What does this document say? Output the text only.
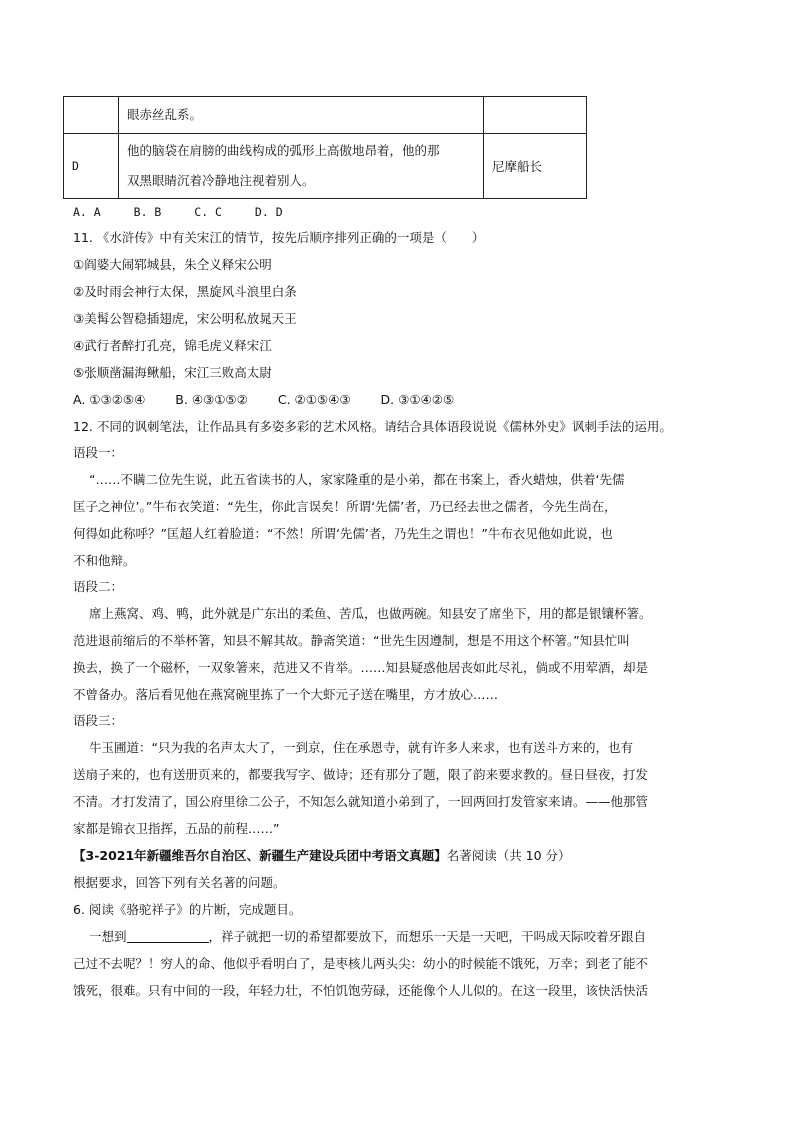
	眼赤丝乱系。	
D	他的脑袋在肩膀的曲线构成的弧形上高傲地昂着，他的那
双黑眼睛沉着冷静地注视着别人。	尼摩船长
A. A	B. B	C. C	D. D
11. 《水浒传》中有关宋江的情节，按先后顺序排列正确的一项是（　　）
①阎婆大闹郓城县，朱仝义释宋公明
②及时雨会神行太保，黑旋风斗浪里白条
③美髯公智稳插翅虎，宋公明私放晁天王
④武行者醉打孔亮，锦毛虎义释宋江
⑤张顺凿漏海鳅船，宋江三败高太尉
A. ①③②⑤④ B. ④③①⑤② C. ②①⑤④③ D. ③①④②⑤
12. 不同的讽刺笔法，让作品具有多姿多彩的艺术风格。请结合具体语段说说《儒林外史》讽刺手法的运用。
语段一：
“……不瞒二位先生说，此五省读书的人，家家隆重的是小弟，都在书案上，香火蜡烛，供着‘先儒
匡子之神位’。”牛布衣笑道：“先生，你此言误矣！所谓‘先儒’者，乃已经去世之儒者，今先生尚在，
何得如此称呼？”匡超人红着脸道：“不然！所谓‘先儒’者，乃先生之谓也！”牛布衣见他如此说，也
不和他辩。
语段二：
席上燕窝、鸡、鸭，此外就是广东出的柔鱼、苦瓜，也做两碗。知县安了席坐下，用的都是银镶杯箸。
范进退前缩后的不举杯箸，知县不解其故。静斋笑道：“世先生因遵制，想是不用这个杯箸。”知县忙叫
换去，换了一个磁杯，一双象箸来，范进又不肯举。……知县疑惑他居丧如此尽礼，倘或不用荤酒，却是
不曾备办。落后看见他在燕窝碗里拣了一个大虾元子送在嘴里，方才放心……
语段三：
牛玉圃道：“只为我的名声太大了，一到京，住在承恩寺，就有许多人来求，也有送斗方来的，也有
送扇子来的，也有送册页来的，都要我写字、做诗；还有那分了题，限了韵来要求教的。昼日昼夜，打发
不清。才打发清了，国公府里徐二公子，不知怎么就知道小弟到了，一回两回打发管家来请。——他那管
家都是锦衣卫指挥，五品的前程……”
【3-2021年新疆维吾尔自治区、新疆生产建设兵团中考语文真题】名著阅读（共 10 分）
根据要求，回答下列有关名著的问题。
6. 阅读《骆驼祥子》的片断，完成题目。
一想到	，祥子就把一切的希望都要放下，而想乐一天是一天吧，干吗成天际咬着牙跟自
己过不去呢？！穷人的命、他似乎看明白了，是枣核儿两头尖：幼小的时候能不饿死，万幸；到老了能不
饿死，很难。只有中间的一段，年轻力壮，不怕饥饱劳碌，还能像个人儿似的。在这一段里，该快活快活
